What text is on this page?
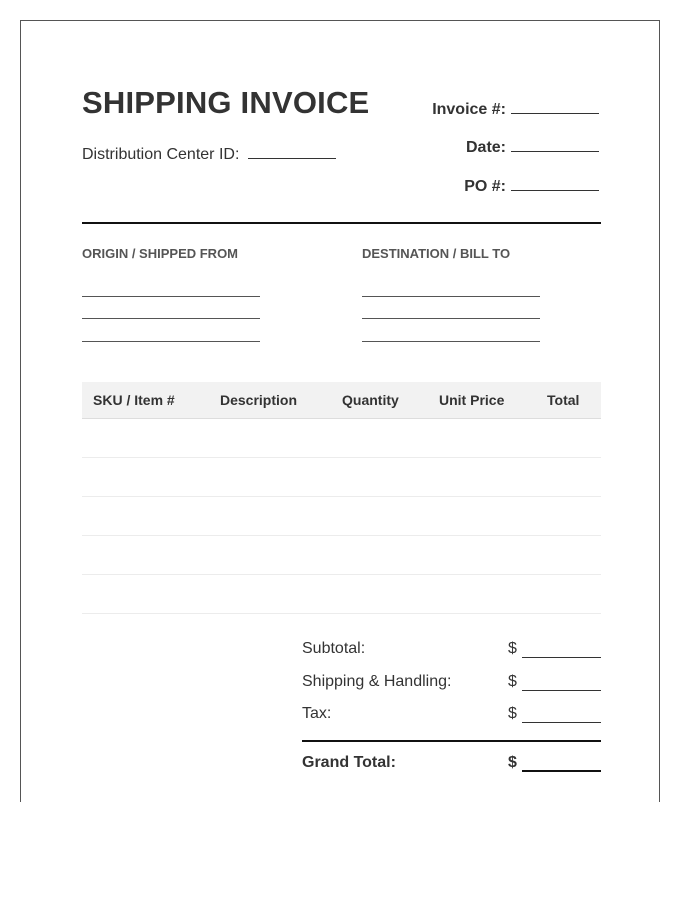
SHIPPING INVOICE
Distribution Center ID:
Invoice #:
Date:
PO #:
ORIGIN / SHIPPED FROM	DESTINATION / BILL TO
SKU / Item #	Description	Quantity	Unit Price	Total
Subtotal:	$
Shipping & Handling:	$
Tax:	$
Grand Total:	$
